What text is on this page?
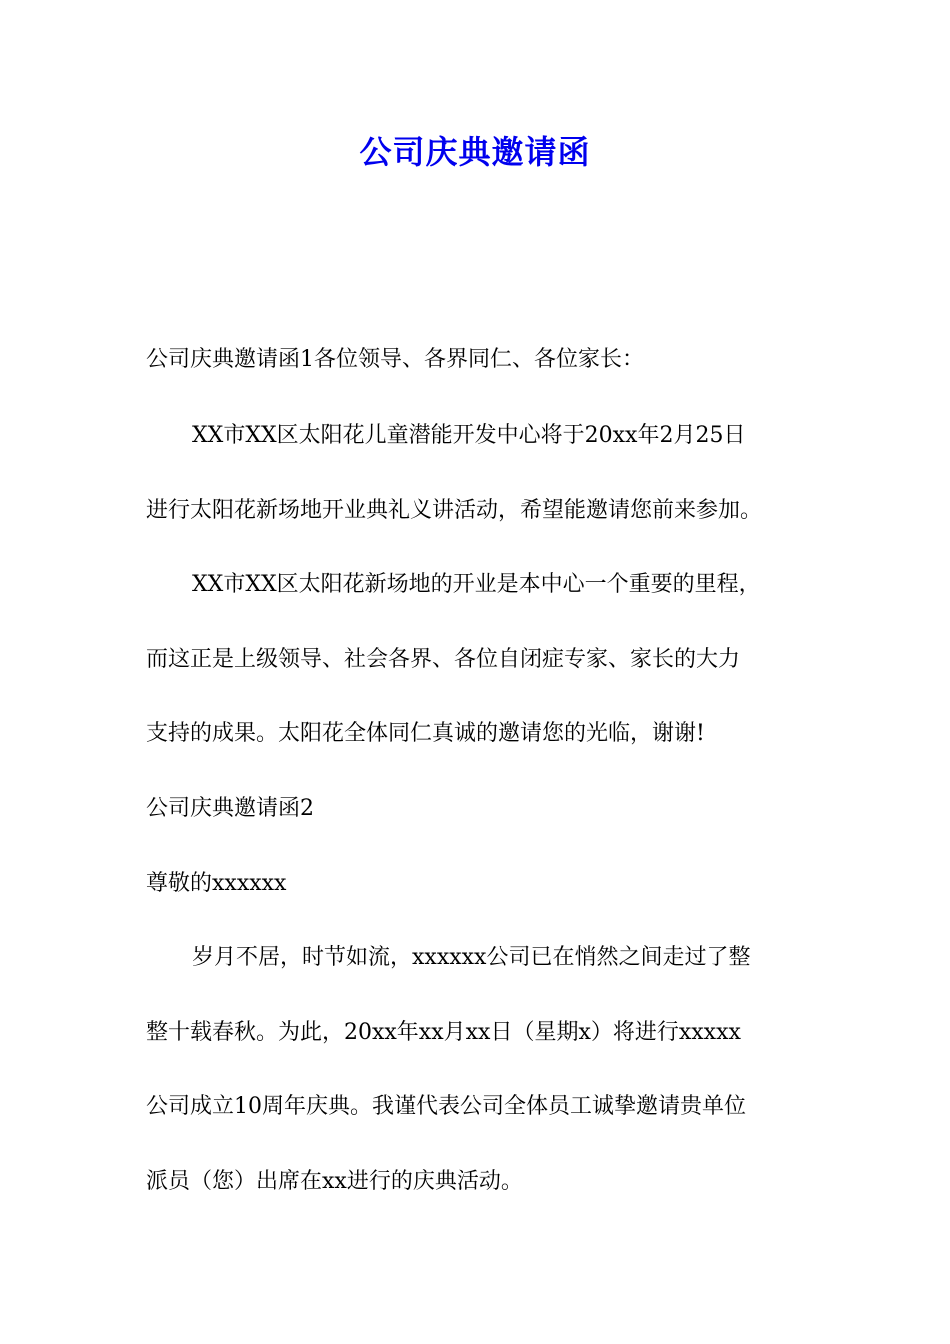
公司庆典邀请函
公司庆典邀请函1各位领导、各界同仁、各位家长：
XX市XX区太阳花儿童潜能开发中心将于20xx年2月25日
进行太阳花新场地开业典礼义讲活动，希望能邀请您前来参加。
XX市XX区太阳花新场地的开业是本中心一个重要的里程，
而这正是上级领导、社会各界、各位自闭症专家、家长的大力
支持的成果。太阳花全体同仁真诚的邀请您的光临，谢谢!
公司庆典邀请函2
尊敬的xxxxxx
岁月不居，时节如流，xxxxxx公司已在悄然之间走过了整
整十载春秋。为此，20xx年xx月xx日（星期x）将进行xxxxx
公司成立10周年庆典。我谨代表公司全体员工诚挚邀请贵单位
派员（您）出席在xx进行的庆典活动。
